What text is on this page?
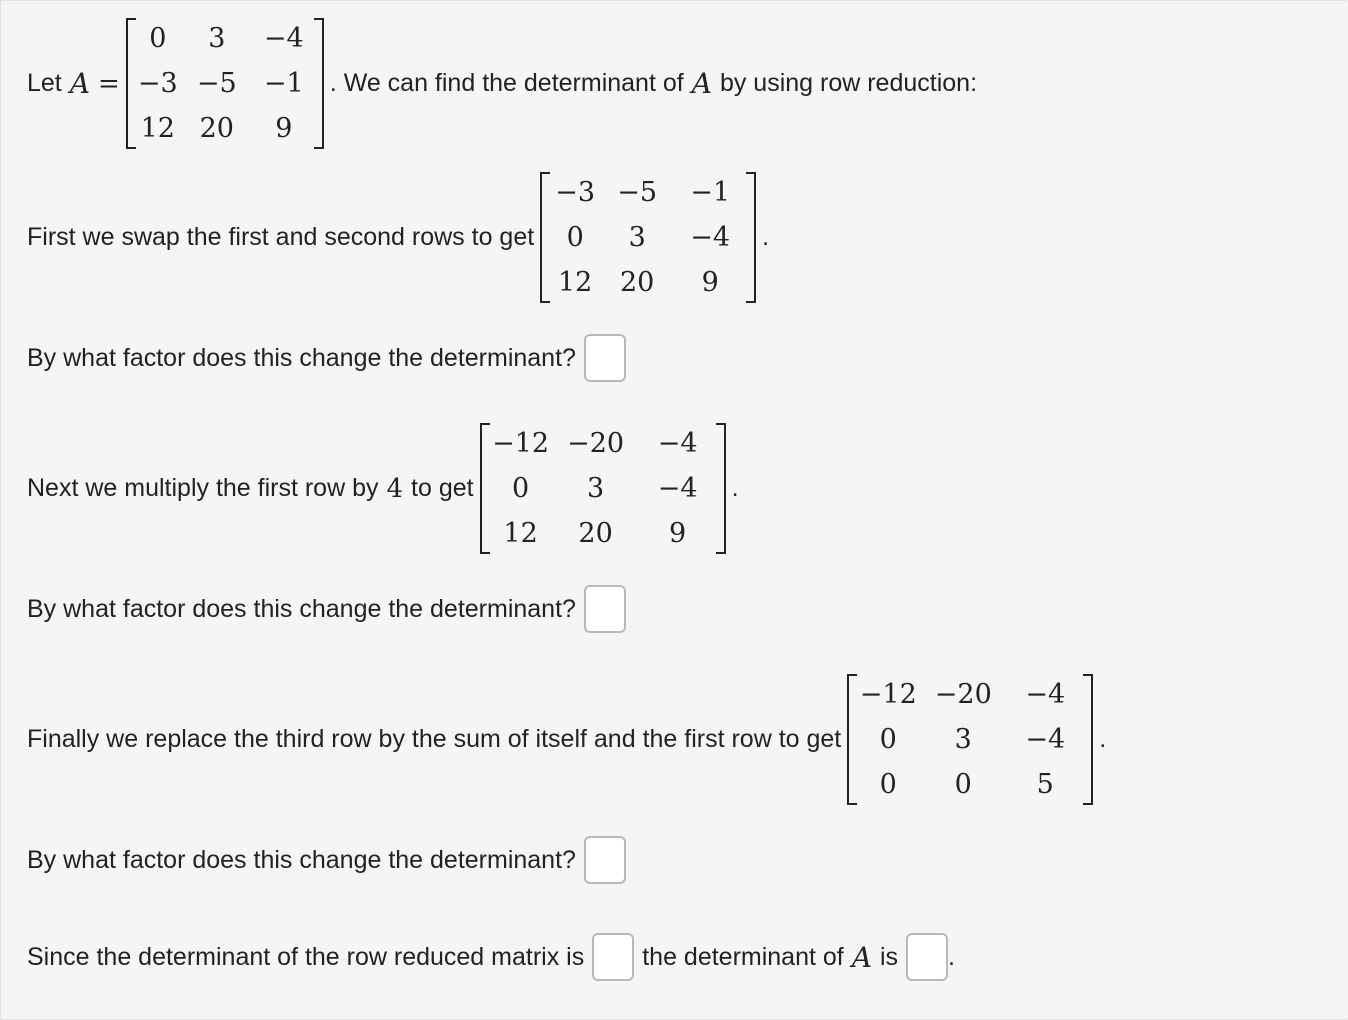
Let A =
0	3	−4
−3 −5	−1
12 20	9
. We can find the determinant of A by using row reduction:
First we swap the first and second rows to get
−3 −5	−1
0	3	−4
12	20	9
.
By what factor does this change the determinant?
Next we multiply the first row by 4 to get
−12 −20	−4
0	3	−4
12	20	9
.
By what factor does this change the determinant?
Finally we replace the third row by the sum of itself and the first row to get
−12 −20	−4
0	3	−4
0	0	5
.
By what factor does this change the determinant?
Since the determinant of the row reduced matrix is the determinant of A is .
